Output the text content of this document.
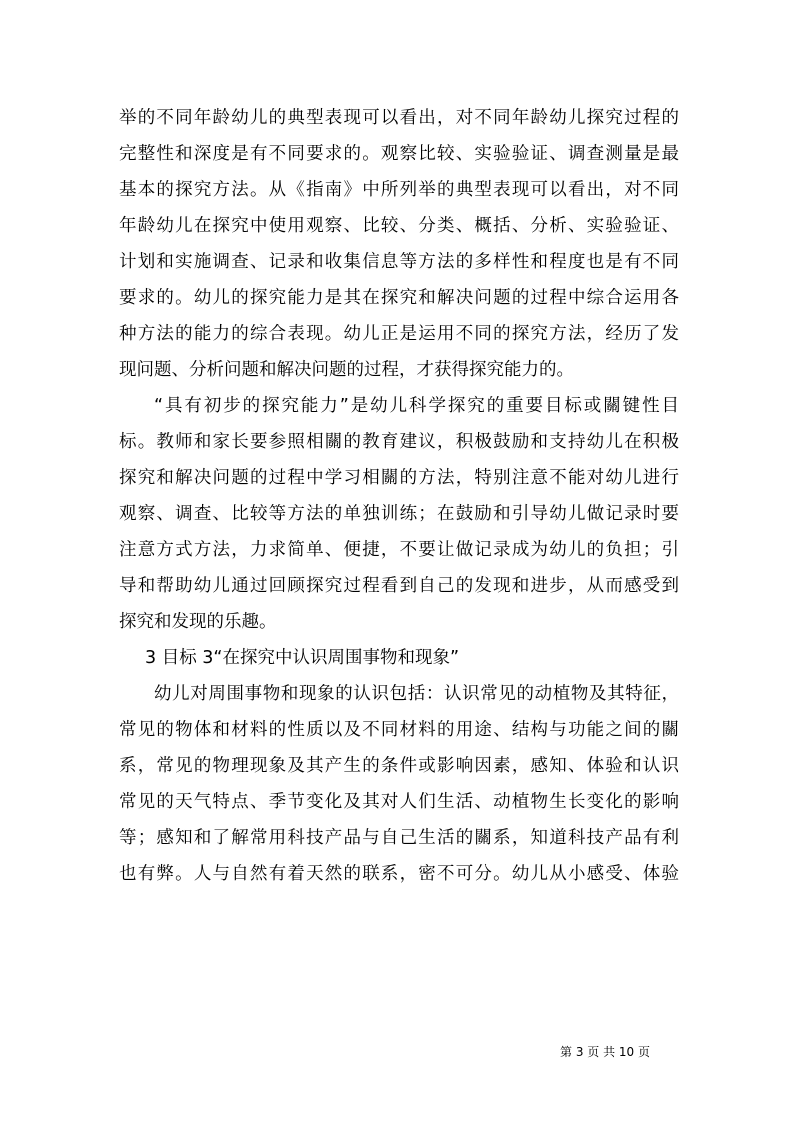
举的不同年龄幼儿的典型表现可以看出，对不同年龄幼儿探究过程的
完整性和深度是有不同要求的。观察比较、实验验证、调查测量是最
基本的探究方法。从《指南》中所列举的典型表现可以看出，对不同
年龄幼儿在探究中使用观察、比较、分类、概括、分析、实验验证、
计划和实施调查、记录和收集信息等方法的多样性和程度也是有不同
要求的。幼儿的探究能力是其在探究和解决问题的过程中综合运用各
种方法的能力的综合表现。幼儿正是运用不同的探究方法，经历了发
现问题、分析问题和解决问题的过程，才获得探究能力的。
“具有初步的探究能力”是幼儿科学探究的重要目标或關键性目
标。教师和家长要参照相關的教育建议，积极鼓励和支持幼儿在积极
探究和解决问题的过程中学习相關的方法，特别注意不能对幼儿进行
观察、调查、比较等方法的单独训练；在鼓励和引导幼儿做记录时要
注意方式方法，力求简单、便捷，不要让做记录成为幼儿的负担；引
导和帮助幼儿通过回顾探究过程看到自己的发现和进步，从而感受到
探究和发现的乐趣。
3 目标 3“在探究中认识周围事物和现象”
幼儿对周围事物和现象的认识包括：认识常见的动植物及其特征，
常见的物体和材料的性质以及不同材料的用途、结构与功能之间的關
系，常见的物理现象及其产生的条件或影响因素，感知、体验和认识
常见的天气特点、季节变化及其对人们生活、动植物生长变化的影响
等；感知和了解常用科技产品与自己生活的關系，知道科技产品有利
也有弊。人与自然有着天然的联系，密不可分。幼儿从小感受、体验
第 3 页 共 10 页
